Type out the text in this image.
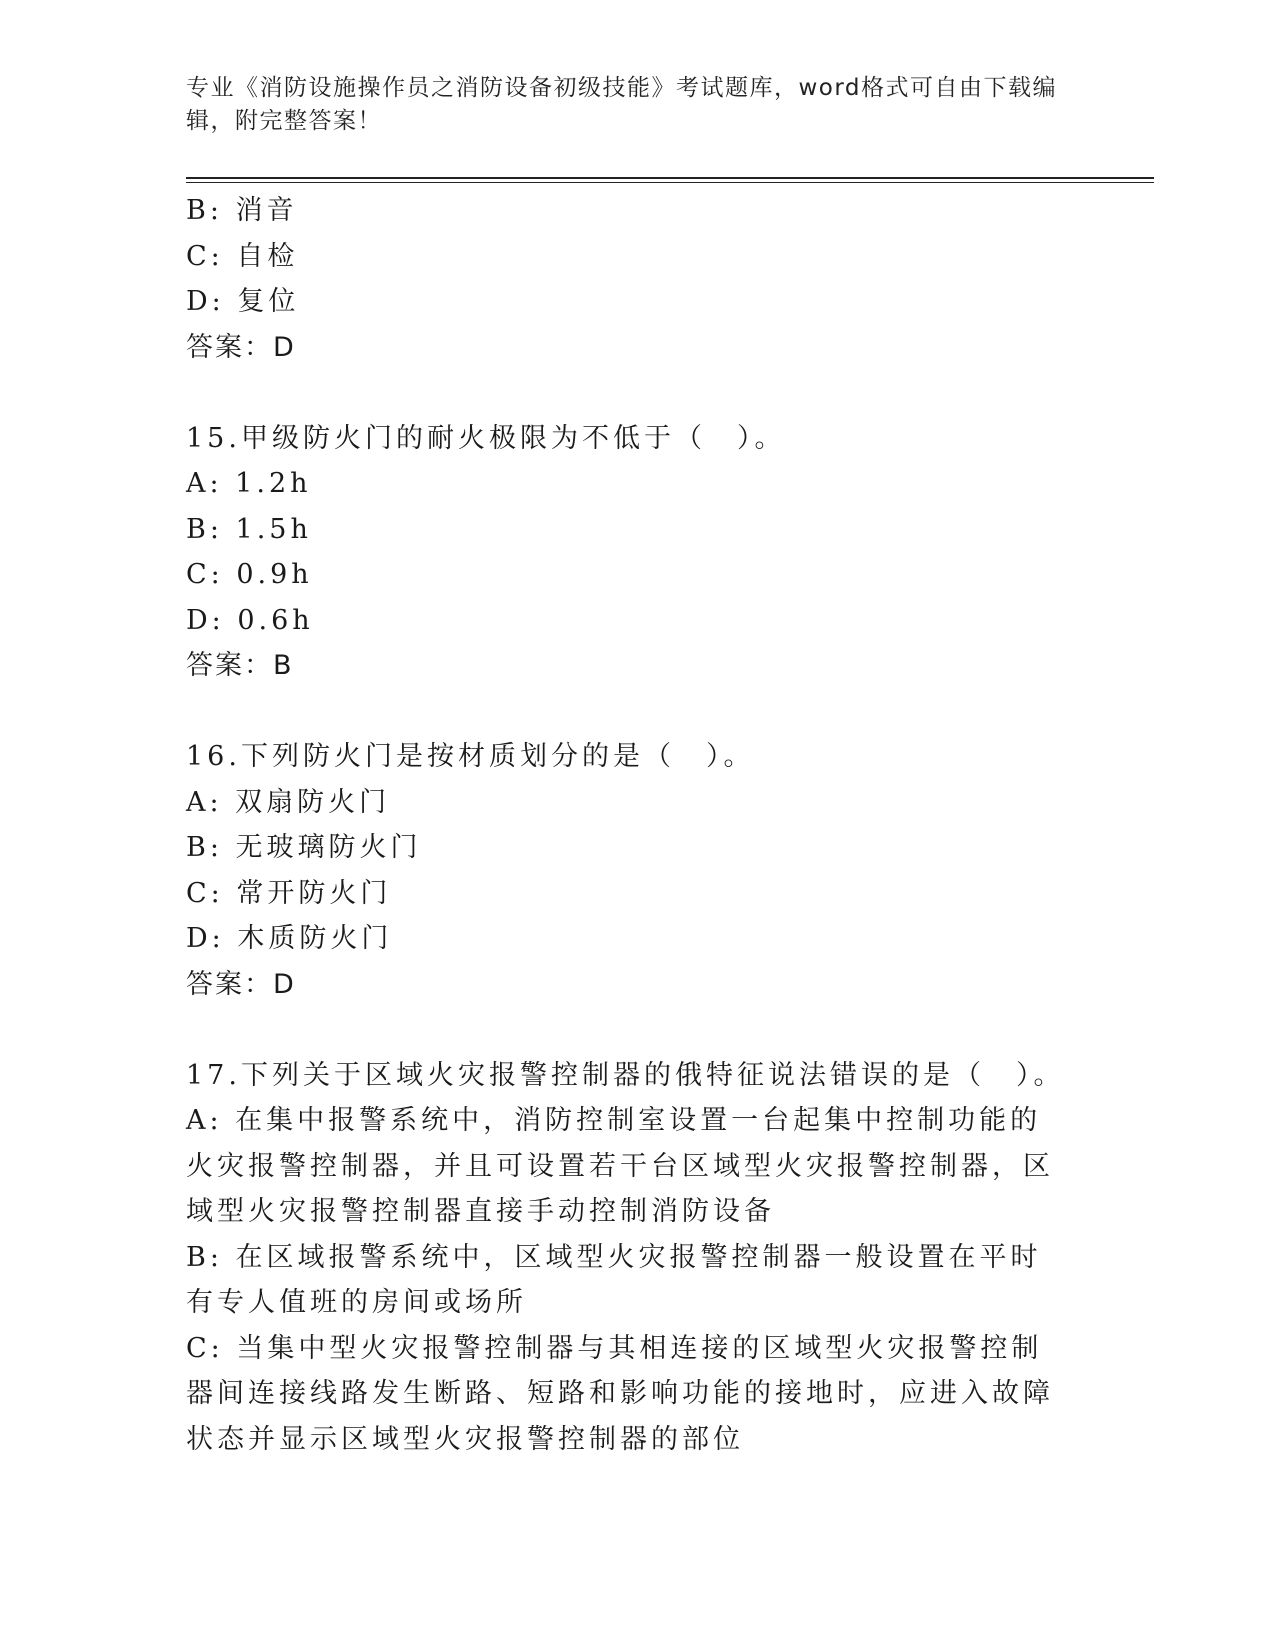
专业《消防设施操作员之消防设备初级技能》考试题库，word格式可自由下载编辑，附完整答案！

B: 消音

C: 自检

D: 复位

答案：D

15.甲级防火门的耐火极限为不低于（　）。

A: 1.2h

B: 1.5h

C: 0.9h

D: 0.6h

答案：B

16.下列防火门是按材质划分的是（　）。

A: 双扇防火门

B: 无玻璃防火门

C: 常开防火门

D: 木质防火门

答案：D

17.下列关于区域火灾报警控制器的俄特征说法错误的是（　）。

A: 在集中报警系统中，消防控制室设置一台起集中控制功能的火灾报警控制器，并且可设置若干台区域型火灾报警控制器，区域型火灾报警控制器直接手动控制消防设备

B: 在区域报警系统中，区域型火灾报警控制器一般设置在平时有专人值班的房间或场所

C: 当集中型火灾报警控制器与其相连接的区域型火灾报警控制器间连接线路发生断路、短路和影响功能的接地时，应进入故障状态并显示区域型火灾报警控制器的部位
